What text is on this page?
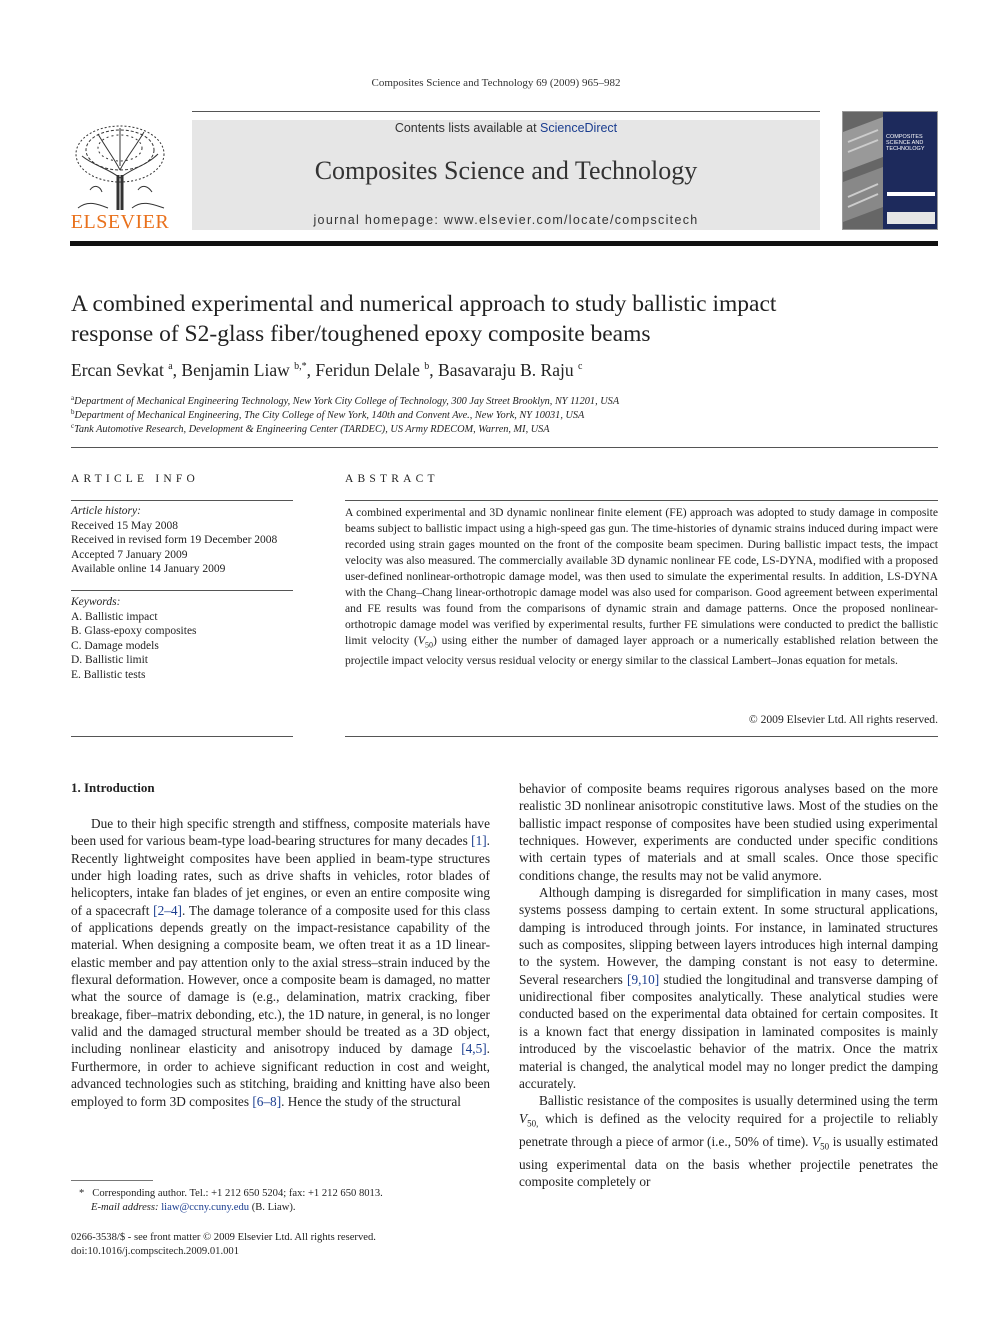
Composites Science and Technology 69 (2009) 965–982
ELSEVIER
Contents lists available at ScienceDirect
Composites Science and Technology
journal homepage: www.elsevier.com/locate/compscitech
COMPOSITES SCIENCE AND TECHNOLOGY
A combined experimental and numerical approach to study ballistic impact
response of S2-glass fiber/toughened epoxy composite beams
Ercan Sevkat $^a$, Benjamin Liaw $^{b,*}$, Feridun Delale $^b$, Basavaraju B. Raju $^c$
$^a$Department of Mechanical Engineering Technology, New York City College of Technology, 300 Jay Street Brooklyn, NY 11201, USA
$^b$Department of Mechanical Engineering, The City College of New York, 140th and Convent Ave., New York, NY 10031, USA
$^c$Tank Automotive Research, Development & Engineering Center (TARDEC), US Army RDECOM, Warren, MI, USA
ARTICLE INFO
Article history:
Received 15 May 2008
Received in revised form 19 December 2008
Accepted 7 January 2009
Available online 14 January 2009
Keywords:
A. Ballistic impact
B. Glass-epoxy composites
C. Damage models
D. Ballistic limit
E. Ballistic tests
ABSTRACT

A combined experimental and 3D dynamic nonlinear finite element (FE) approach was adopted to study damage in composite beams subject to ballistic impact using a high-speed gas gun. The time-histories of dynamic strains induced during impact were recorded using strain gages mounted on the front of the composite beam specimen. During ballistic impact tests, the impact velocity was also measured. The commercially available 3D dynamic nonlinear FE code, LS-DYNA, modified with a proposed user-defined nonlinear-orthotropic damage model, was then used to simulate the experimental results. In addition, LS-DYNA with the Chang–Chang linear-orthotropic damage model was also used for comparison. Good agreement between experimental and FE results was found from the comparisons of dynamic strain and damage patterns. Once the proposed nonlinear-orthotropic damage model was verified by experimental results, further FE simulations were conducted to predict the ballistic limit velocity $(V_{50})$ using either the number of damaged layer approach or a numerically established relation between the projectile impact velocity versus residual velocity or energy similar to the classical Lambert–Jonas equation for metals.

© 2009 Elsevier Ltd. All rights reserved.
1. Introduction

Due to their high specific strength and stiffness, composite materials have been used for various beam-type load-bearing structures for many decades [1]. Recently lightweight composites have been applied in beam-type structures under high loading rates, such as drive shafts in vehicles, rotor blades of helicopters, intake fan blades of jet engines, or even an entire composite wing of a spacecraft [2–4]. The damage tolerance of a composite used for this class of applications depends greatly on the impact-resistance capability of the material. When designing a composite beam, we often treat it as a 1D linear-elastic member and pay attention only to the axial stress–strain induced by the flexural deformation. However, once a composite beam is damaged, no matter what the source of damage is (e.g., delamination, matrix cracking, fiber breakage, fiber–matrix debonding, etc.), the 1D nature, in general, is no longer valid and the damaged structural member should be treated as a 3D object, including nonlinear elasticity and anisotropy induced by damage [4,5]. Furthermore, in order to achieve significant reduction in cost and weight, advanced technologies such as stitching, braiding and knitting have also been employed to form 3D composites [6–8]. Hence the study of the structural

behavior of composite beams requires rigorous analyses based on the more realistic 3D nonlinear anisotropic constitutive laws. Most of the studies on the ballistic impact response of composites have been studied using experimental techniques. However, experiments are conducted under specific conditions with certain types of materials and at small scales. Once those specific conditions change, the results may not be valid anymore.

Although damping is disregarded for simplification in many cases, most systems possess damping to certain extent. In some structural applications, damping is introduced through joints. For instance, in laminated structures such as composites, slipping between layers introduces high internal damping to the system. However, the damping constant is not easy to determine. Several researchers [9,10] studied the longitudinal and transverse damping of unidirectional fiber composites analytically. These analytical studies were conducted based on the experimental data obtained for certain composites. It is a known fact that energy dissipation in laminated composites is mainly introduced by the viscoelastic behavior of the matrix. Once the matrix material is changed, the analytical model may no longer predict the damping accurately.

Ballistic resistance of the composites is usually determined using the term $V_{50,}$ which is defined as the velocity required for a projectile to reliably penetrate through a piece of armor (i.e., 50% of time). $V_{50}$ is usually estimated using experimental data on the basis whether projectile penetrates the composite completely or

* Corresponding author. Tel.: +1 212 650 5204; fax: +1 212 650 8013.
E-mail address: liaw@ccny.cuny.edu (B. Liaw).
0266-3538/$ - see front matter © 2009 Elsevier Ltd. All rights reserved.
doi:10.1016/j.compscitech.2009.01.001
